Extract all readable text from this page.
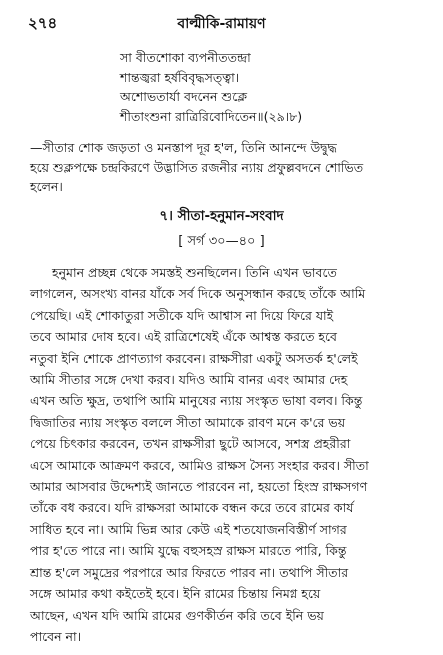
২৭৪	বাল্মীকি-রামায়ণ
সা বীতশোকা ব্যপনীততন্দ্রা
শান্তজ্বরা হর্ষবিবৃদ্ধসত্ত্বা।
অশোভতার্যা বদনেন শুক্লে
শীতাংশুনা রাত্রিরিবোদিতেন॥(২৯।৮)
—সীতার শোক জড়তা ও মনস্তাপ দূর হ'ল, তিনি আনন্দে উদ্বুদ্ধ
হয়ে শুক্লপক্ষে চন্দ্রকিরণে উদ্ভাসিত রজনীর ন্যায় প্রফুল্লবদনে শোভিত
হলেন।
৭। সীতা-হনুমান-সংবাদ
[ সর্গ ৩০—৪০ ]
হনুমান প্রচ্ছন্ন থেকে সমস্তই শুনছিলেন। তিনি এখন ভাবতে
লাগলেন, অসংখ্য বানর যাঁকে সর্ব দিকে অনুসন্ধান করছে তাঁকে আমি
পেয়েছি। এই শোকাতুরা সতীকে যদি আশ্বাস না দিয়ে ফিরে যাই
তবে আমার দোষ হবে। এই রাত্রিশেষেই এঁকে আশ্বস্ত করতে হবে
নতুবা ইনি শোকে প্রাণত্যাগ করবেন। রাক্ষসীরা একটু অসতর্ক হ'লেই
আমি সীতার সঙ্গে দেখা করব। যদিও আমি বানর এবং আমার দেহ
এখন অতি ক্ষুদ্র, তথাপি আমি মানুষের ন্যায় সংস্কৃত ভাষা বলব। কিন্তু
দ্বিজাতির ন্যায় সংস্কৃত বললে সীতা আমাকে রাবণ মনে ক'রে ভয়
পেয়ে চিৎকার করবেন, তখন রাক্ষসীরা ছুটে আসবে, সশস্ত্র প্রহরীরা
এসে আমাকে আক্রমণ করবে, আমিও রাক্ষস সৈন্য সংহার করব। সীতা
আমার আসবার উদ্দেশ্যই জানতে পারবেন না, হয়তো হিংস্র রাক্ষসগণ
তাঁকে বধ করবে। যদি রাক্ষসরা আমাকে বন্ধন করে তবে রামের কার্য
সাধিত হবে না। আমি ভিন্ন আর কেউ এই শতযোজনবিস্তীর্ণ সাগর
পার হ'তে পারে না। আমি যুদ্ধে বহুসহস্র রাক্ষস মারতে পারি, কিন্তু
শ্রান্ত হ'লে সমুদ্রের পরপারে আর ফিরতে পারব না। তথাপি সীতার
সঙ্গে আমার কথা কইতেই হবে। ইনি রামের চিন্তায় নিমগ্ন হয়ে
আছেন, এখন যদি আমি রামের গুণকীর্তন করি তবে ইনি ভয়
পাবেন না।
